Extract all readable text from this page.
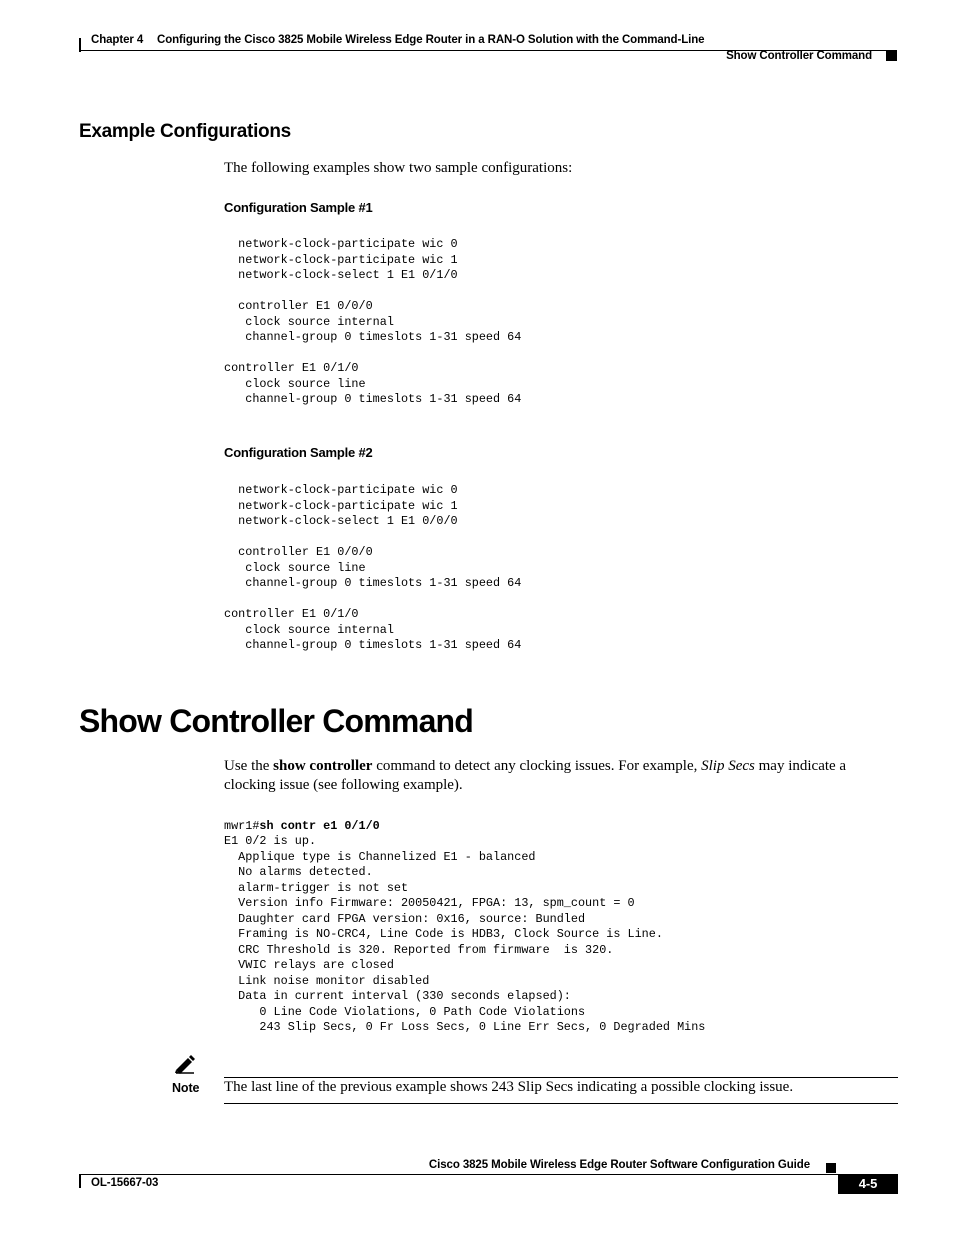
Chapter 4 Configuring the Cisco 3825 Mobile Wireless Edge Router in a RAN-O Solution with the Command-Line
Show Controller Command
Example Configurations
The following examples show two sample configurations:
Configuration Sample #1
network-clock-participate wic 0
network-clock-participate wic 1
network-clock-select 1 E1 0/1/0

controller E1 0/0/0
clock source internal
channel-group 0 timeslots 1-31 speed 64

controller E1 0/1/0
clock source line
channel-group 0 timeslots 1-31 speed 64
Configuration Sample #2
network-clock-participate wic 0
network-clock-participate wic 1
network-clock-select 1 E1 0/0/0

controller E1 0/0/0
clock source line
channel-group 0 timeslots 1-31 speed 64

controller E1 0/1/0
clock source internal
channel-group 0 timeslots 1-31 speed 64
Show Controller Command
Use the show controller command to detect any clocking issues. For example, Slip Secs may indicate a clocking issue (see following example).
mwr1#sh contr e1 0/1/0
E1 0/2 is up.
Applique type is Channelized E1 - balanced
No alarms detected.
alarm-trigger is not set
Version info Firmware: 20050421, FPGA: 13, spm_count = 0
Daughter card FPGA version: 0x16, source: Bundled
Framing is NO-CRC4, Line Code is HDB3, Clock Source is Line.
CRC Threshold is 320. Reported from firmware  is 320.
VWIC relays are closed
Link noise monitor disabled
Data in current interval (330 seconds elapsed):
0 Line Code Violations, 0 Path Code Violations
243 Slip Secs, 0 Fr Loss Secs, 0 Line Err Secs, 0 Degraded Mins
Note The last line of the previous example shows 243 Slip Secs indicating a possible clocking issue.
Cisco 3825 Mobile Wireless Edge Router Software Configuration Guide
OL-15667-03	4-5
